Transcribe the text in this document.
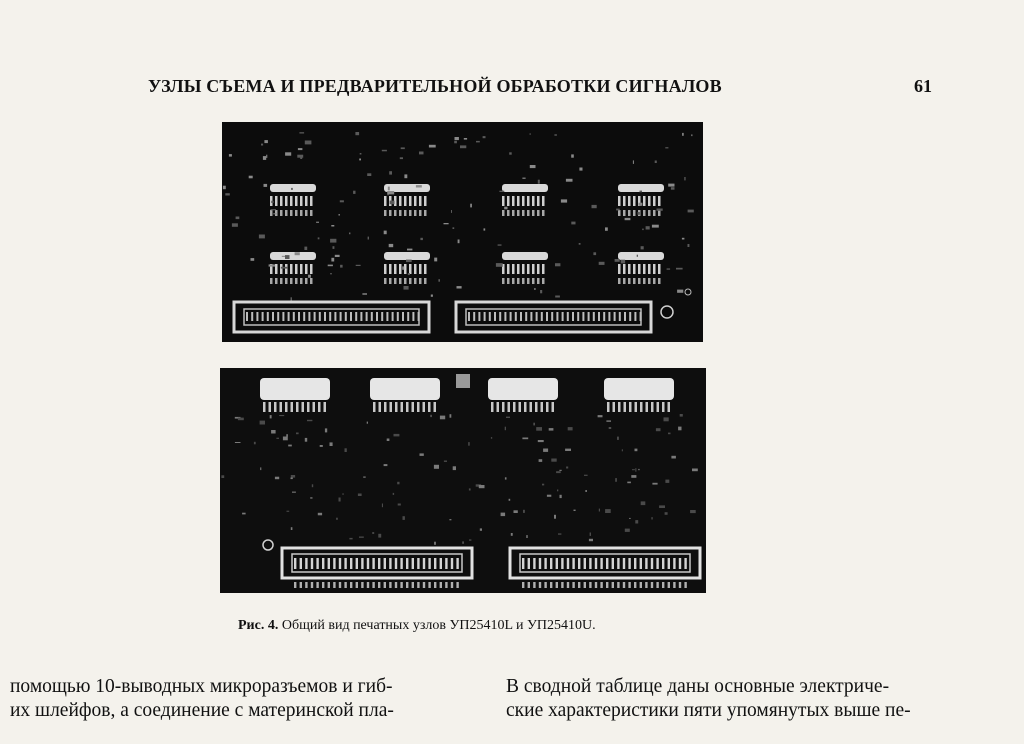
УЗЛЫ СЪЕМА И ПРЕДВАРИТЕЛЬНОЙ ОБРАБОТКИ СИГНАЛОВ	61
Рис. 4. Общий вид печатных узлов УП25410L и УП25410U.
помощью 10-выводных микроразъемов и гиб-
их шлейфов, а соединение с материнской пла-
В сводной таблице даны основные электриче-
ские характеристики пяти упомянутых выше пе-
